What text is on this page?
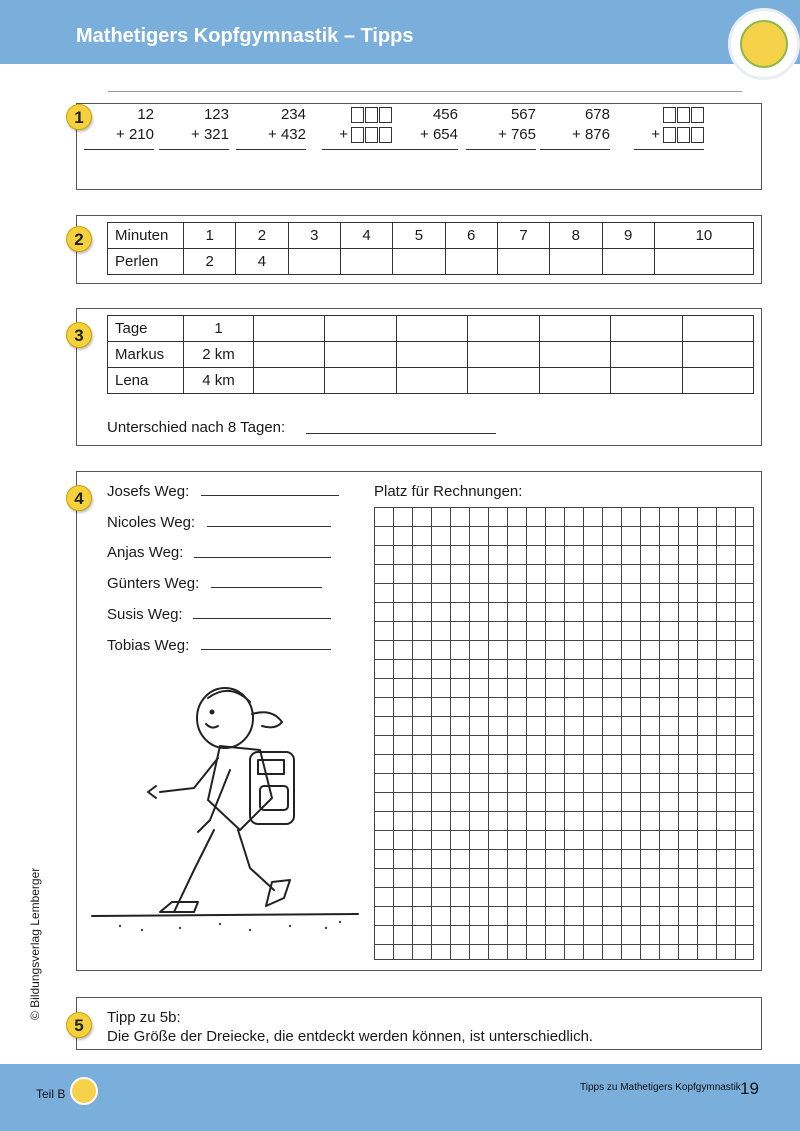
Mathetigers Kopfgymnastik – Tipps
1	12
+ 210
123
+ 321
234
+ 432	+
456
+ 654
567
+ 765
678
+ 876	+
2	Minuten	1	2	3	4	5	6	7	8	9	10
Perlen	2	4								
3	Tage	1							
Markus	2 km							
Lena	4 km							
Unterschied nach 8 Tagen:
4	Josefs Weg:
Nicoles Weg:
Anjas Weg:
Günters Weg:
Susis Weg:
Tobias Weg:
Platz für Rechnungen:
5	Tipp zu 5b:
Die Größe der Dreiecke, die entdeckt werden können, ist unterschiedlich.
© Bildungsverlag Lemberger
Teil B	Tipps zu Mathetigers Kopfgymnastik 19
